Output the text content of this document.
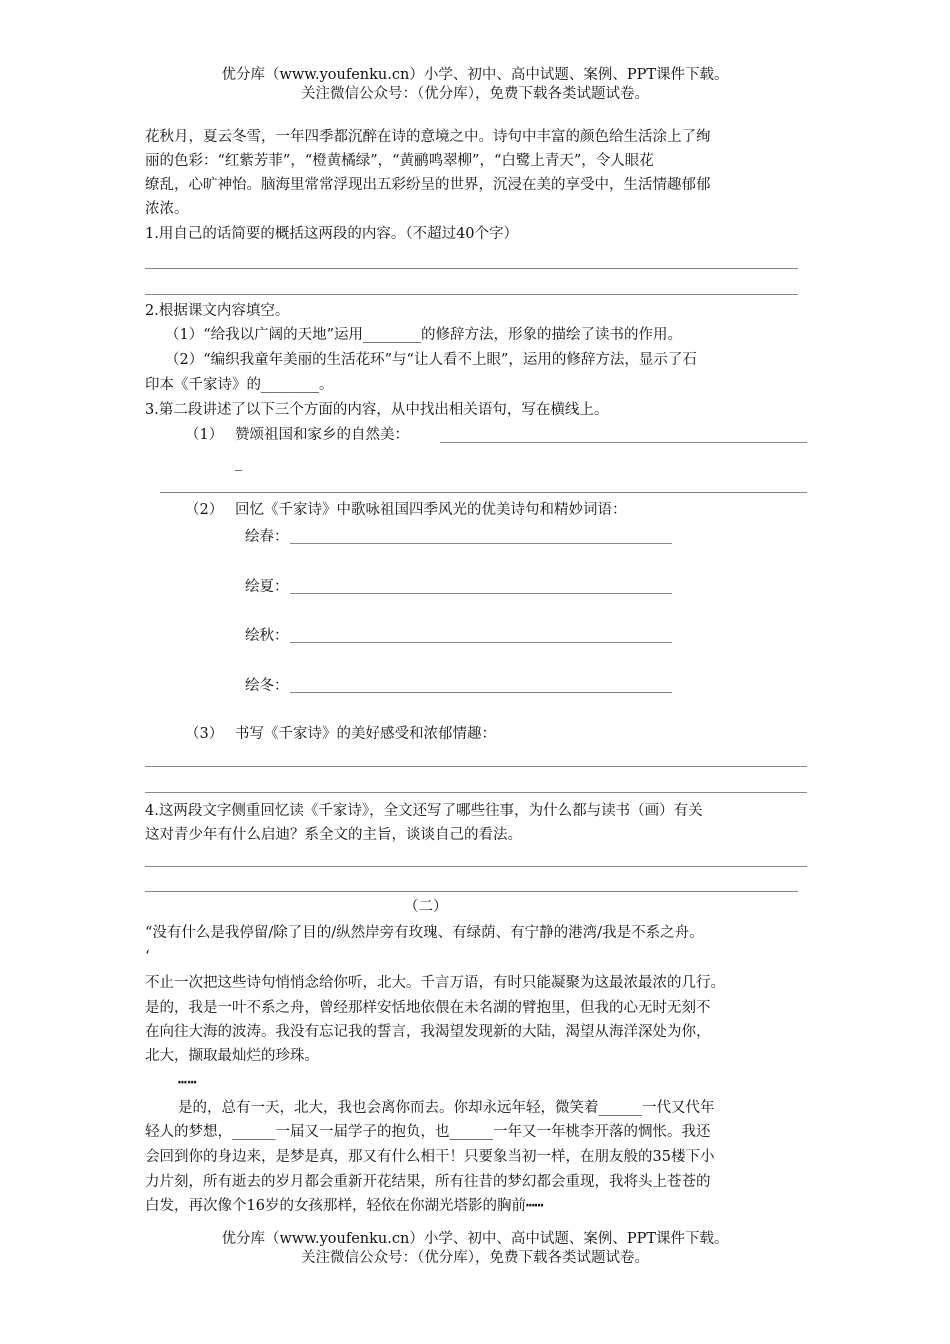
优分库（www.youfenku.cn）小学、初中、高中试题、案例、PPT课件下载。
关注微信公众号：（优分库），免费下载各类试题试卷。
花秋月，夏云冬雪，一年四季都沉醉在诗的意境之中。诗句中丰富的颜色给生活涂上了绚
丽的色彩：“红紫芳菲”，“橙黄橘绿”，“黄鹂鸣翠柳”，“白鹭上青天”，令人眼花
缭乱，心旷神怡。脑海里常常浮现出五彩纷呈的世界，沉浸在美的享受中，生活情趣郁郁
浓浓。
1.用自己的话简要的概括这两段的内容。（不超过40个字）
2.根据课文内容填空。
（1）“给我以广阔的天地”运用________的修辞方法，形象的描绘了读书的作用。
（2）“编织我童年美丽的生活花环”与“让人看不上眼”，运用的修辞方法，显示了石
印本《千家诗》的________。
3.第二段讲述了以下三个方面的内容，从中找出相关语句，写在横线上。
（1） 赞颂祖国和家乡的自然美：
_
（2） 回忆《千家诗》中歌咏祖国四季风光的优美诗句和精妙词语：
绘春：
绘夏：
绘秋：
绘冬：
（3） 书写《千家诗》的美好感受和浓郁情趣：
4.这两段文字侧重回忆读《千家诗》，全文还写了哪些往事，为什么都与读书（画）有关
这对青少年有什么启迪？系全文的主旨，谈谈自己的看法。
（二）
“没有什么是我停留/除了目的/纵然岸旁有玫瑰、有绿荫、有宁静的港湾/我是不系之舟。
‘
不止一次把这些诗句悄悄念给你听，北大。千言万语，有时只能凝聚为这最浓最浓的几行。
是的，我是一叶不系之舟，曾经那样安恬地依偎在未名湖的臂抱里，但我的心无时无刻不
在向往大海的波涛。我没有忘记我的誓言，我渴望发现新的大陆，渴望从海洋深处为你，
北大，撷取最灿烂的珍珠。
┅┅
是的，总有一天，北大，我也会离你而去。你却永远年轻，微笑着______一代又代年
轻人的梦想，______一届又一届学子的抱负，也______一年又一年桃李开落的惆怅。我还
会回到你的身边来，是梦是真，那又有什么相干！只要象当初一样，在朋友般的35楼下小
力片刻，所有逝去的岁月都会重新开花结果，所有往昔的梦幻都会重现，我将头上苍苍的
白发，再次像个16岁的女孩那样，轻依在你湖光塔影的胸前┅┅
优分库（www.youfenku.cn）小学、初中、高中试题、案例、PPT课件下载。
关注微信公众号：（优分库），免费下载各类试题试卷。
